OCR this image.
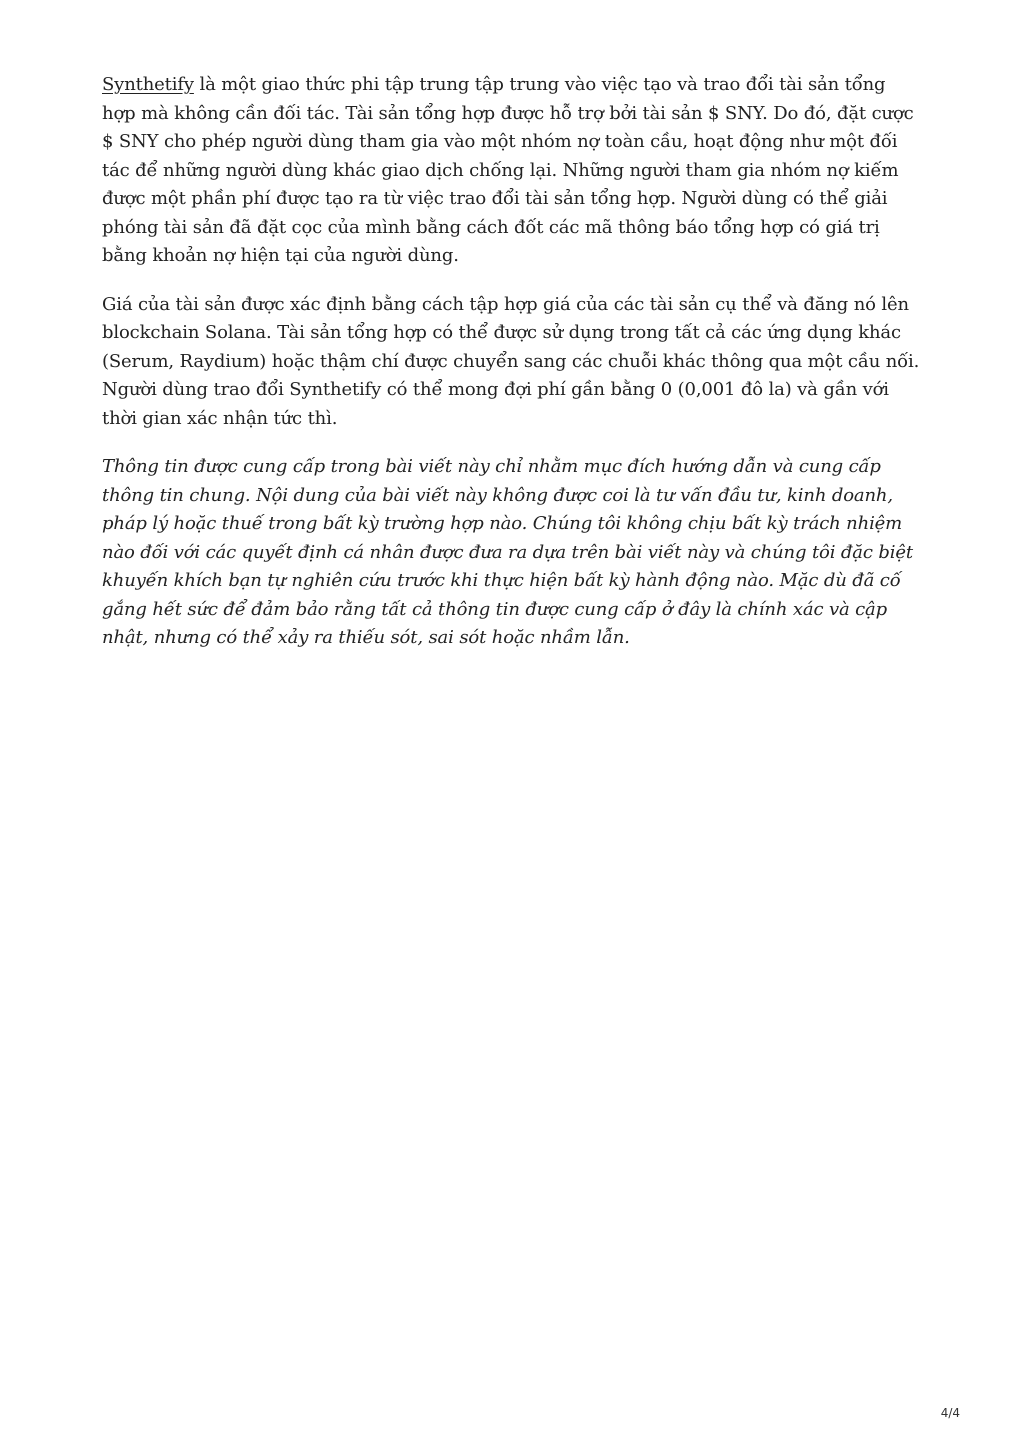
Synthetify là một giao thức phi tập trung tập trung vào việc tạo và trao đổi tài sản tổng hợp mà không cần đối tác. Tài sản tổng hợp được hỗ trợ bởi tài sản $ SNY. Do đó, đặt cược $ SNY cho phép người dùng tham gia vào một nhóm nợ toàn cầu, hoạt động như một đối tác để những người dùng khác giao dịch chống lại. Những người tham gia nhóm nợ kiếm được một phần phí được tạo ra từ việc trao đổi tài sản tổng hợp. Người dùng có thể giải phóng tài sản đã đặt cọc của mình bằng cách đốt các mã thông báo tổng hợp có giá trị bằng khoản nợ hiện tại của người dùng.

Giá của tài sản được xác định bằng cách tập hợp giá của các tài sản cụ thể và đăng nó lên blockchain Solana. Tài sản tổng hợp có thể được sử dụng trong tất cả các ứng dụng khác (Serum, Raydium) hoặc thậm chí được chuyển sang các chuỗi khác thông qua một cầu nối. Người dùng trao đổi Synthetify có thể mong đợi phí gần bằng 0 (0,001 đô la) và gần với thời gian xác nhận tức thì.

Thông tin được cung cấp trong bài viết này chỉ nhằm mục đích hướng dẫn và cung cấp thông tin chung. Nội dung của bài viết này không được coi là tư vấn đầu tư, kinh doanh, pháp lý hoặc thuế trong bất kỳ trường hợp nào. Chúng tôi không chịu bất kỳ trách nhiệm nào đối với các quyết định cá nhân được đưa ra dựa trên bài viết này và chúng tôi đặc biệt khuyến khích bạn tự nghiên cứu trước khi thực hiện bất kỳ hành động nào. Mặc dù đã cố gắng hết sức để đảm bảo rằng tất cả thông tin được cung cấp ở đây là chính xác và cập nhật, nhưng có thể xảy ra thiếu sót, sai sót hoặc nhầm lẫn.

4/4
